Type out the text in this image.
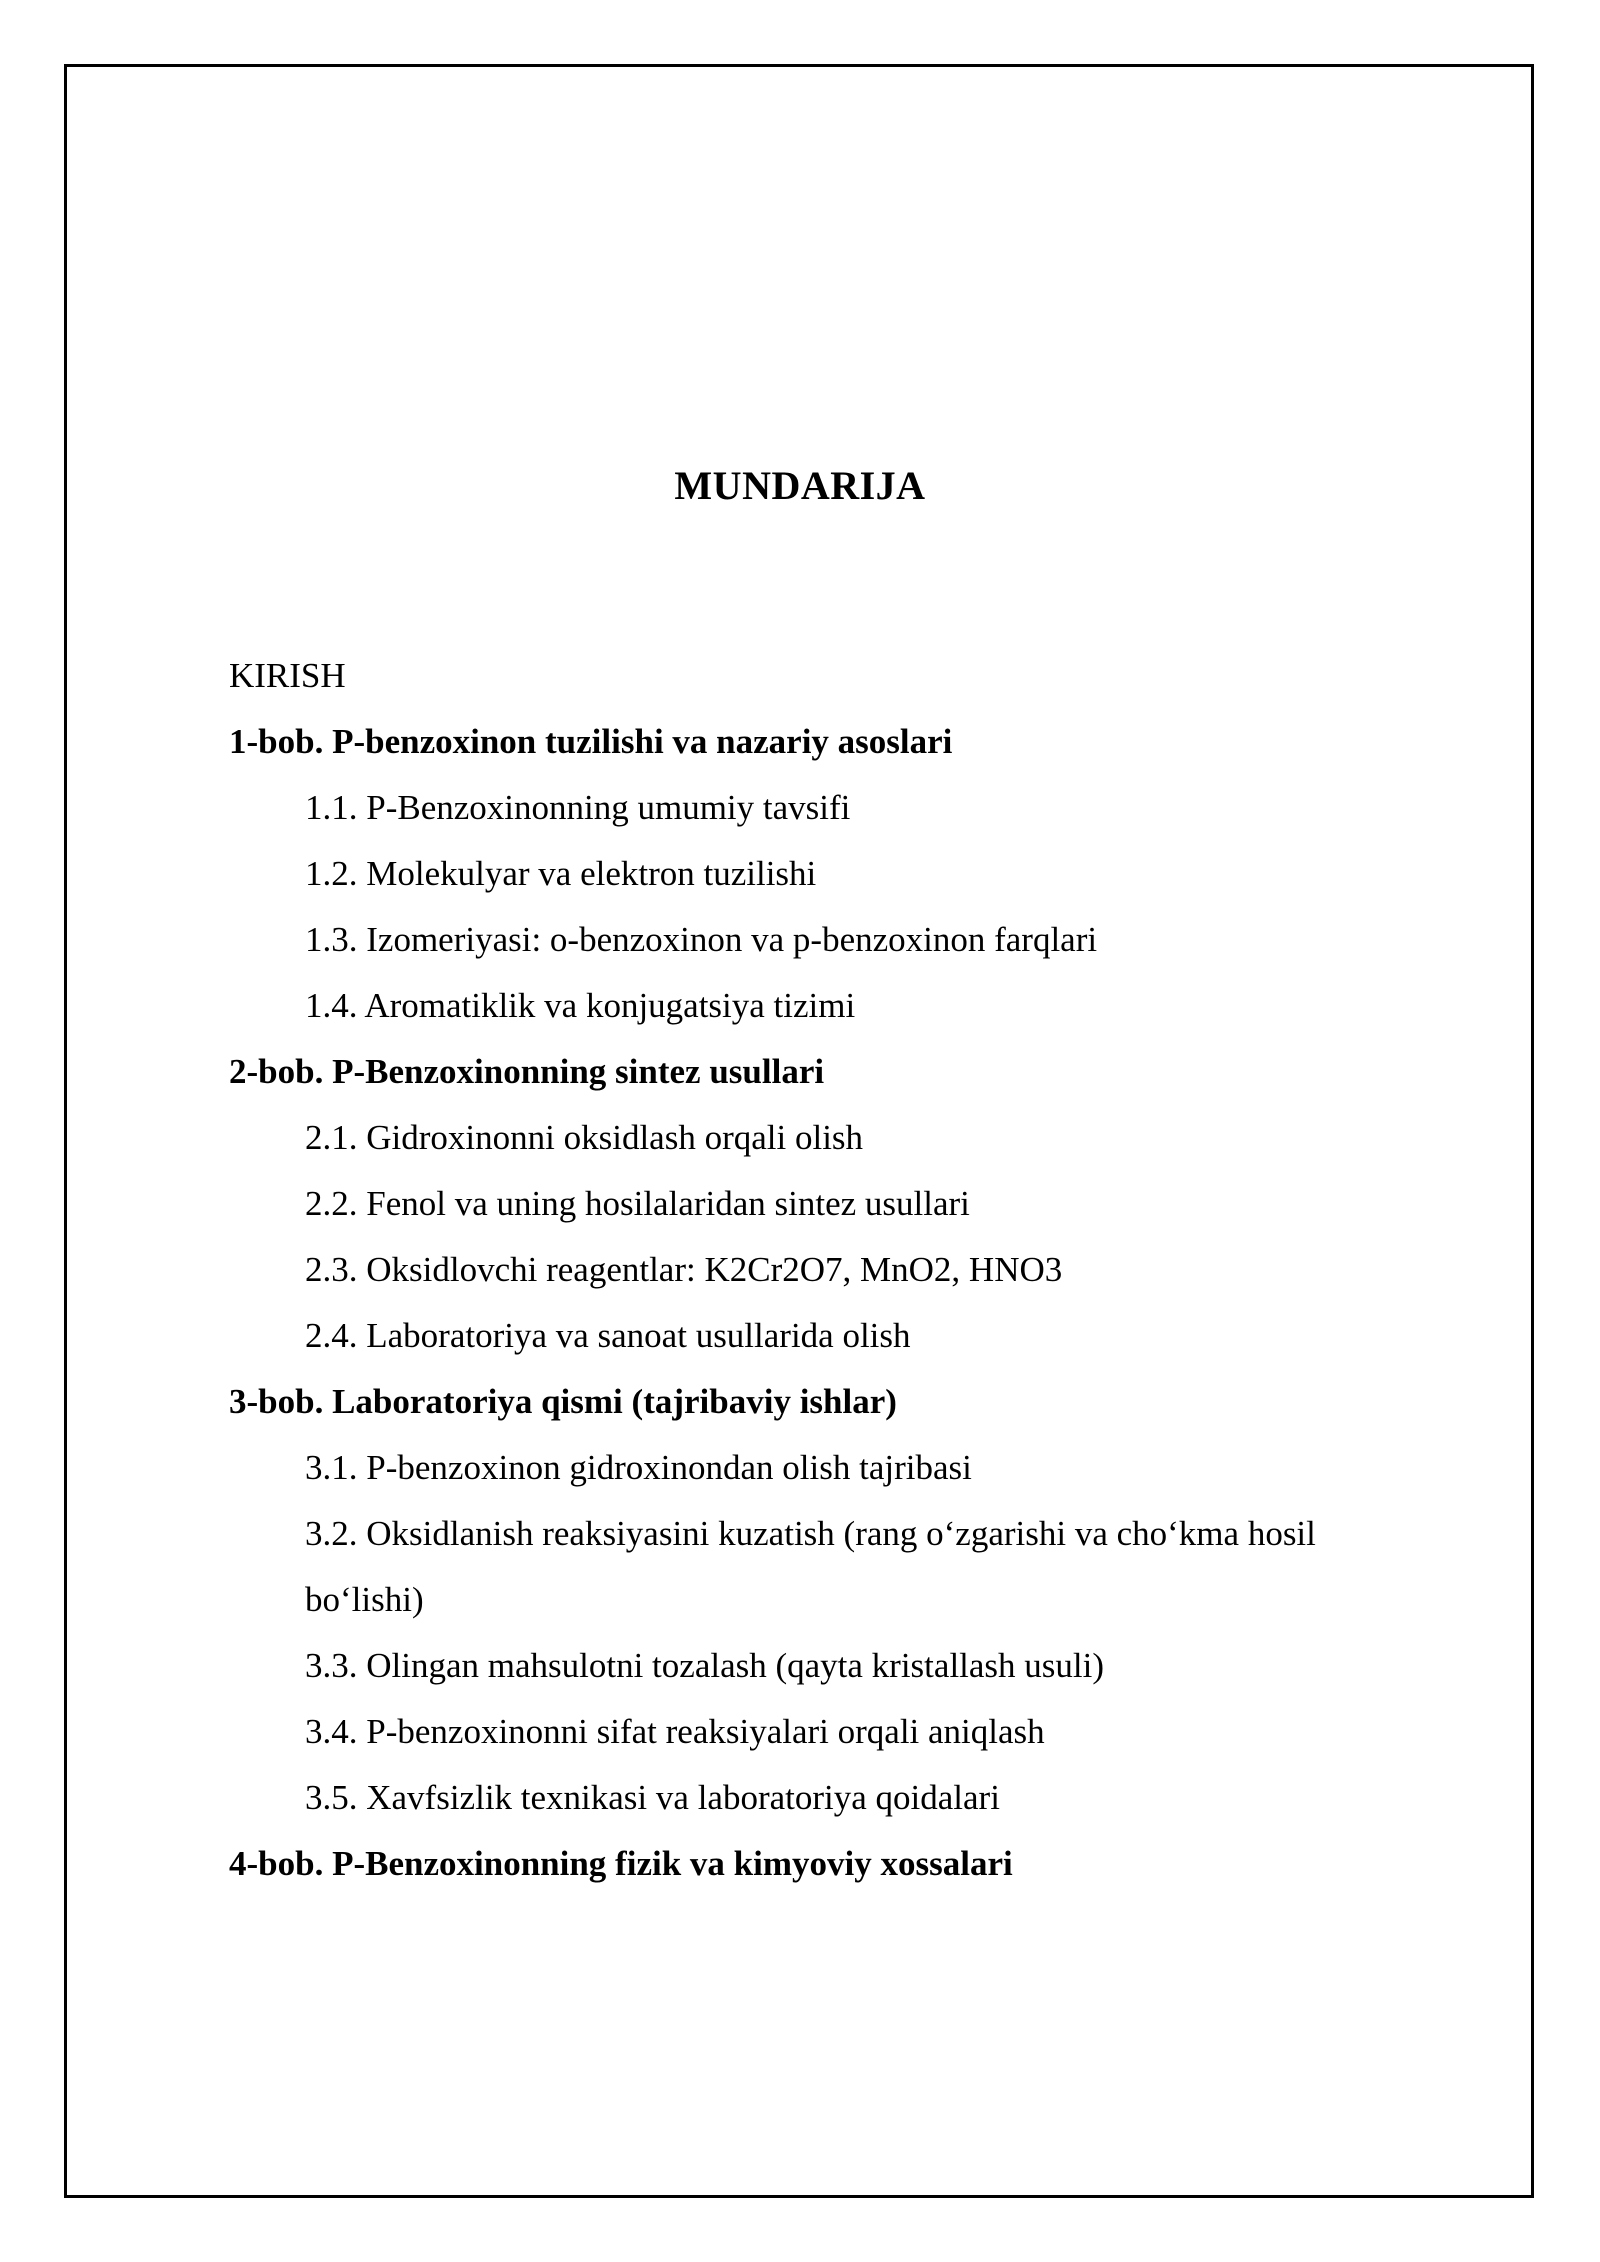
MUNDARIJA

KIRISH

1-bob. P-benzoxinon tuzilishi va nazariy asoslari

1.1. P-Benzoxinonning umumiy tavsifi

1.2. Molekulyar va elektron tuzilishi

1.3. Izomeriyasi: o-benzoxinon va p-benzoxinon farqlari

1.4. Aromatiklik va konjugatsiya tizimi

2-bob. P-Benzoxinonning sintez usullari

2.1. Gidroxinonni oksidlash orqali olish

2.2. Fenol va uning hosilalaridan sintez usullari

2.3. Oksidlovchi reagentlar: K2Cr2O7, MnO2, HNO3

2.4. Laboratoriya va sanoat usullarida olish

3-bob. Laboratoriya qismi (tajribaviy ishlar)

3.1. P-benzoxinon gidroxinondan olish tajribasi

3.2. Oksidlanish reaksiyasini kuzatish (rang o‘zgarishi va cho‘kma hosil bo‘lishi)

3.3. Olingan mahsulotni tozalash (qayta kristallash usuli)

3.4. P-benzoxinonni sifat reaksiyalari orqali aniqlash

3.5. Xavfsizlik texnikasi va laboratoriya qoidalari

4-bob. P-Benzoxinonning fizik va kimyoviy xossalari
